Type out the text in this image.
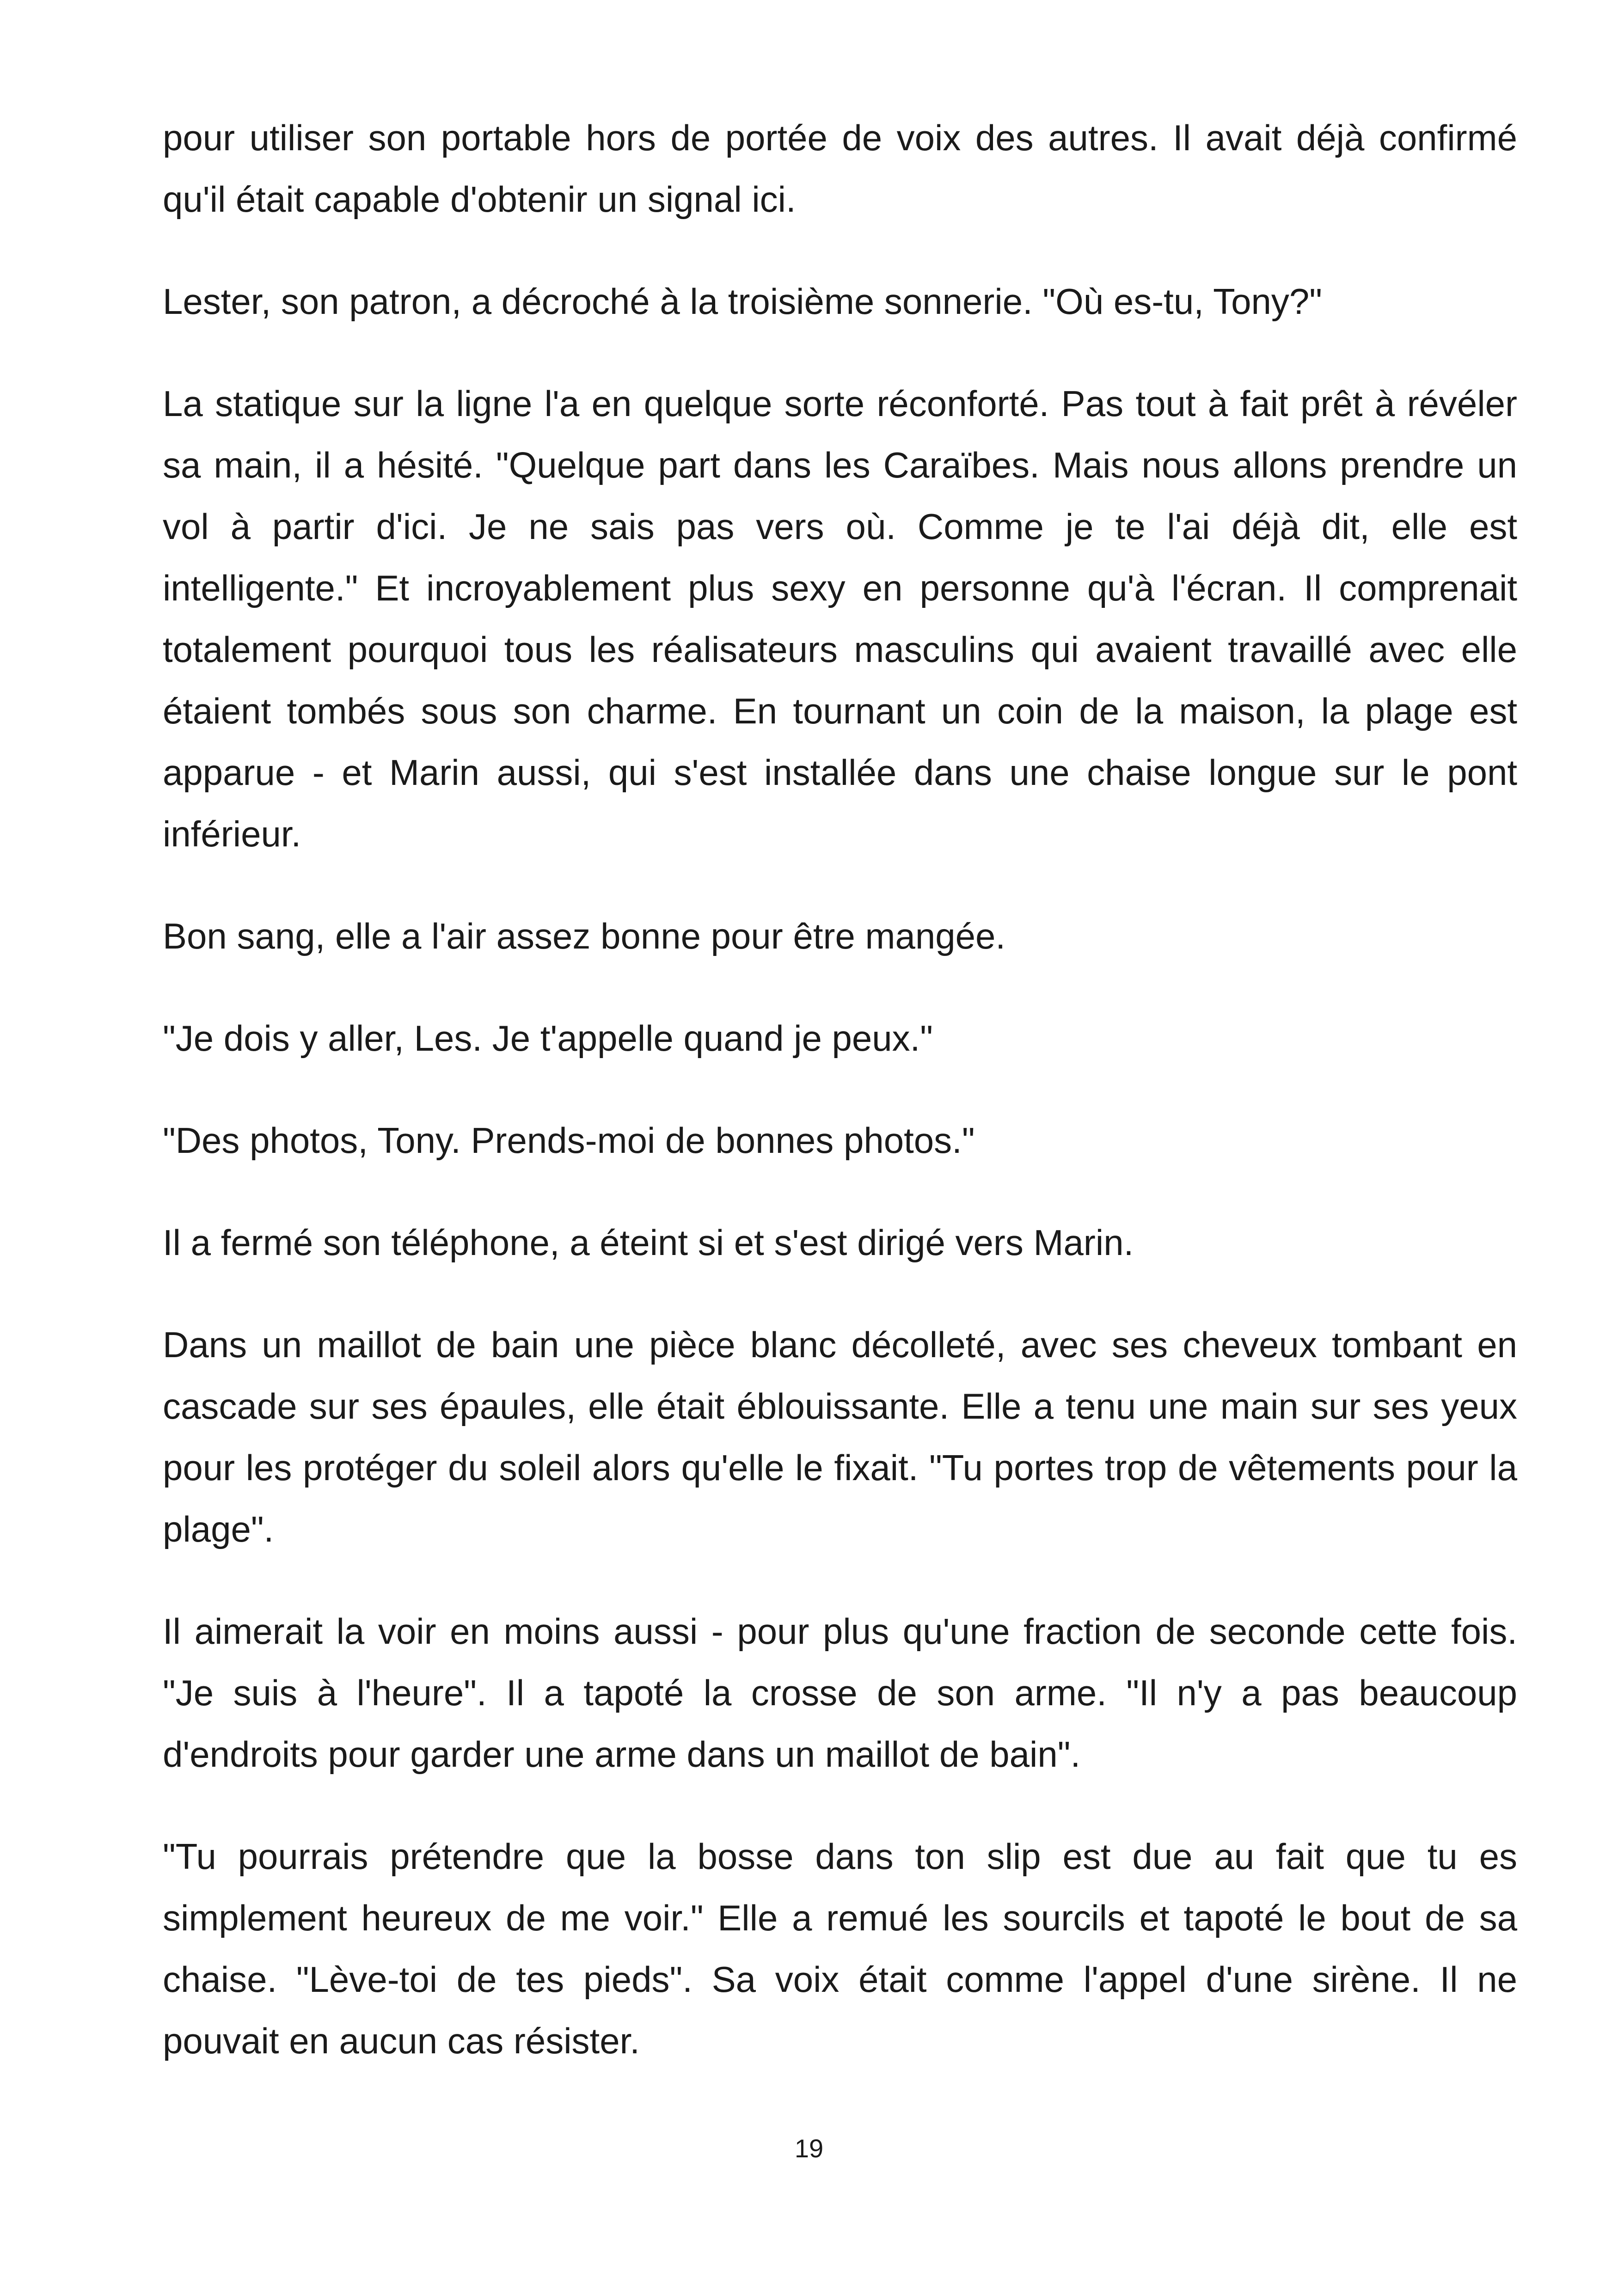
pour utiliser son portable hors de portée de voix des autres. Il avait déjà confirmé qu'il était capable d'obtenir un signal ici.

Lester, son patron, a décroché à la troisième sonnerie. "Où es-tu, Tony?"

La statique sur la ligne l'a en quelque sorte réconforté. Pas tout à fait prêt à révéler sa main, il a hésité. "Quelque part dans les Caraïbes. Mais nous allons prendre un vol à partir d'ici. Je ne sais pas vers où. Comme je te l'ai déjà dit, elle est intelligente." Et incroyablement plus sexy en personne qu'à l'écran. Il comprenait totalement pourquoi tous les réalisateurs masculins qui avaient travaillé avec elle étaient tombés sous son charme. En tournant un coin de la maison, la plage est apparue - et Marin aussi, qui s'est installée dans une chaise longue sur le pont inférieur.

Bon sang, elle a l'air assez bonne pour être mangée.

"Je dois y aller, Les. Je t'appelle quand je peux."

"Des photos, Tony. Prends-moi de bonnes photos."

Il a fermé son téléphone, a éteint si et s'est dirigé vers Marin.

Dans un maillot de bain une pièce blanc décolleté, avec ses cheveux tombant en cascade sur ses épaules, elle était éblouissante. Elle a tenu une main sur ses yeux pour les protéger du soleil alors qu'elle le fixait. "Tu portes trop de vêtements pour la plage".

Il aimerait la voir en moins aussi - pour plus qu'une fraction de seconde cette fois. "Je suis à l'heure". Il a tapoté la crosse de son arme. "Il n'y a pas beaucoup d'endroits pour garder une arme dans un maillot de bain".

"Tu pourrais prétendre que la bosse dans ton slip est due au fait que tu es simplement heureux de me voir." Elle a remué les sourcils et tapoté le bout de sa chaise. "Lève-toi de tes pieds". Sa voix était comme l'appel d'une sirène. Il ne pouvait en aucun cas résister.

19
